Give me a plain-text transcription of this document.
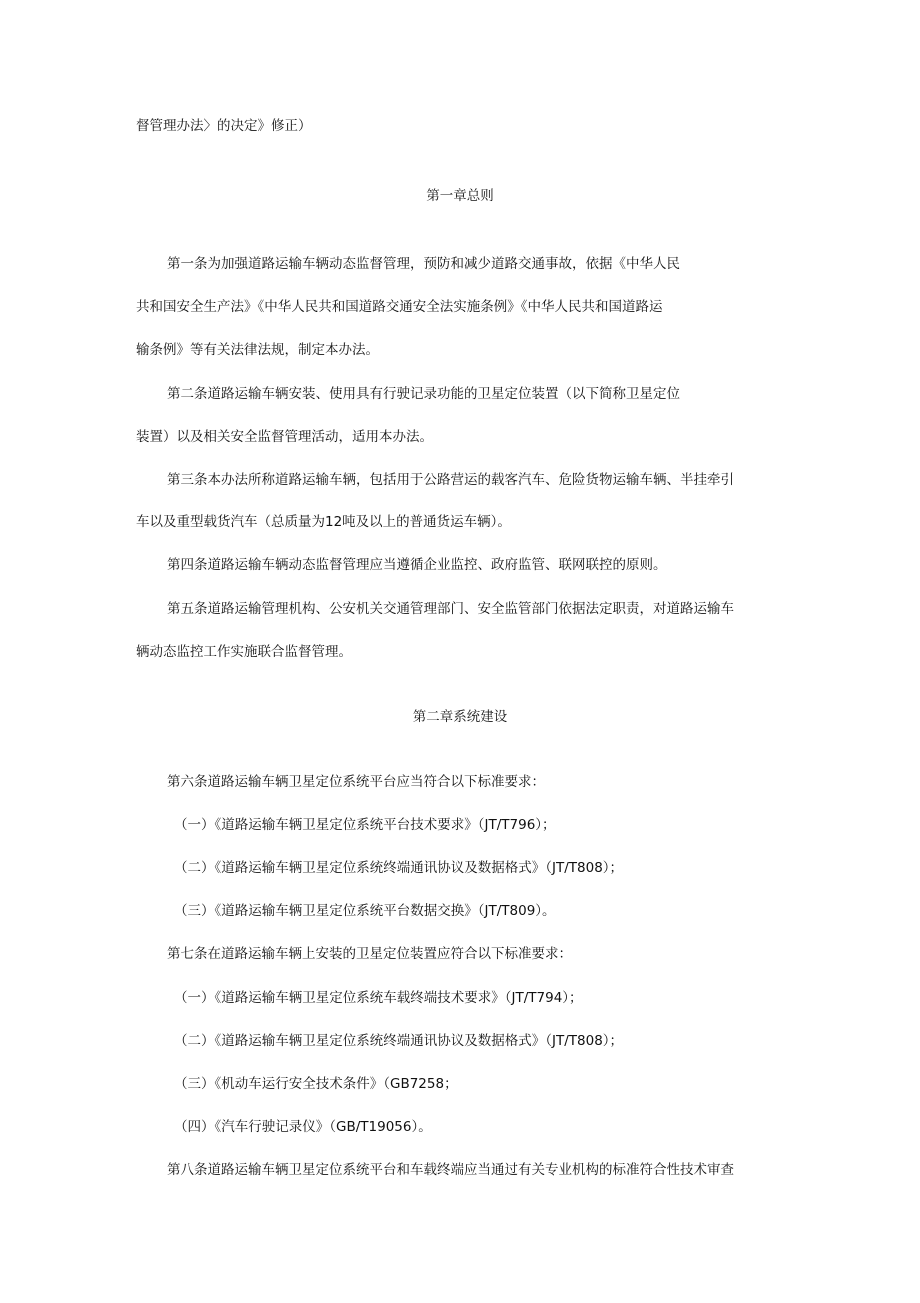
督管理办法〉的决定》修正）

第一章总则

第一条为加强道路运输车辆动态监督管理，预防和减少道路交通事故，依据《中华人民

共和国安全生产法》《中华人民共和国道路交通安全法实施条例》《中华人民共和国道路运

输条例》等有关法律法规，制定本办法。

第二条道路运输车辆安装、使用具有行驶记录功能的卫星定位装置（以下简称卫星定位

装置）以及相关安全监督管理活动，适用本办法。

第三条本办法所称道路运输车辆，包括用于公路营运的载客汽车、危险货物运输车辆、半挂牵引

车以及重型载货汽车（总质量为12吨及以上的普通货运车辆）。

第四条道路运输车辆动态监督管理应当遵循企业监控、政府监管、联网联控的原则。

第五条道路运输管理机构、公安机关交通管理部门、安全监管部门依据法定职责，对道路运输车

辆动态监控工作实施联合监督管理。

第二章系统建设

第六条道路运输车辆卫星定位系统平台应当符合以下标准要求：

（一）《道路运输车辆卫星定位系统平台技术要求》（JT/T796）；

（二）《道路运输车辆卫星定位系统终端通讯协议及数据格式》（JT/T808）；

（三）《道路运输车辆卫星定位系统平台数据交换》（JT/T809）。

第七条在道路运输车辆上安装的卫星定位装置应符合以下标准要求：

（一）《道路运输车辆卫星定位系统车载终端技术要求》（JT/T794）；

（二）《道路运输车辆卫星定位系统终端通讯协议及数据格式》（JT/T808）；

（三）《机动车运行安全技术条件》（GB7258；

（四）《汽车行驶记录仪》（GB/T19056）。

第八条道路运输车辆卫星定位系统平台和车载终端应当通过有关专业机构的标准符合性技术审查
